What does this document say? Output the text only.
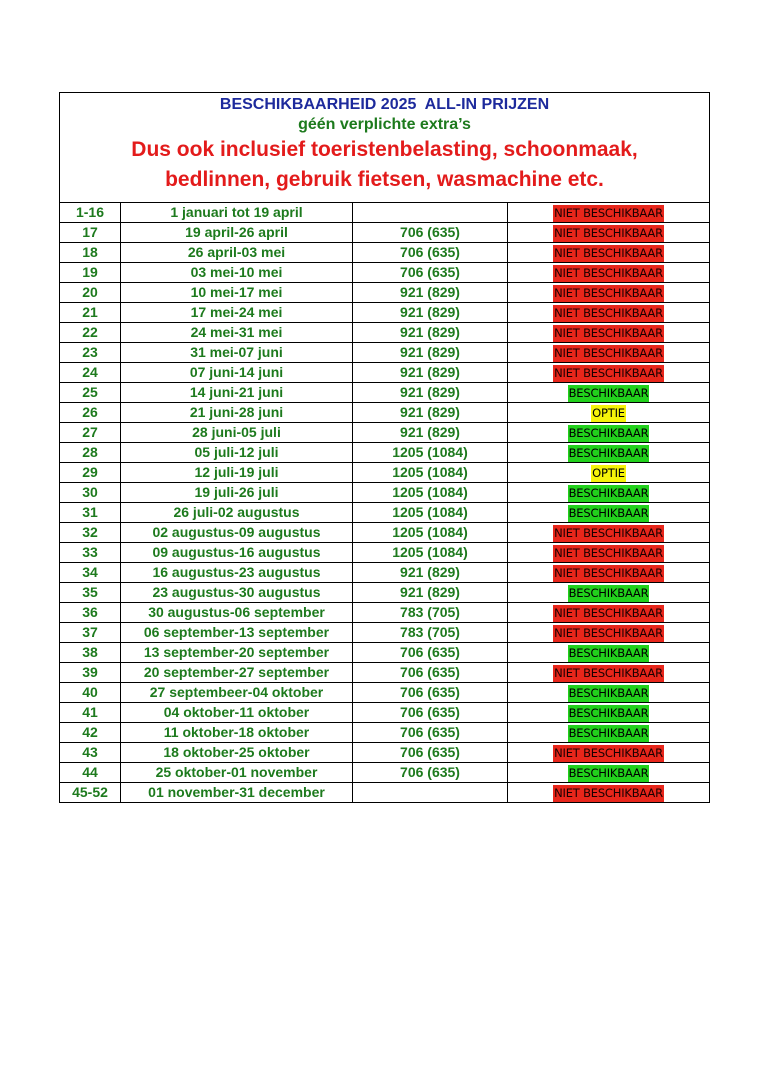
BESCHIKBAARHEID 2025  ALL-IN PRIJZEN
géén verplichte extra’s
Dus ook inclusief toeristenbelasting, schoonmaak,
bedlinnen, gebruik fietsen, wasmachine etc.			

1-16	1 januari tot 19 april		NIET BESCHIKBAAR
17	19 april-26 april	706 (635)	NIET BESCHIKBAAR
18	26 april-03 mei	706 (635)	NIET BESCHIKBAAR
19	03 mei-10 mei	706 (635)	NIET BESCHIKBAAR
20	10 mei-17 mei	921 (829)	NIET BESCHIKBAAR
21	17 mei-24 mei	921 (829)	NIET BESCHIKBAAR
22	24 mei-31 mei	921 (829)	NIET BESCHIKBAAR
23	31 mei-07 juni	921 (829)	NIET BESCHIKBAAR
24	07 juni-14 juni	921 (829)	NIET BESCHIKBAAR
25	14 juni-21 juni	921 (829)	BESCHIKBAAR
26	21 juni-28 juni	921 (829)	OPTIE
27	28 juni-05 juli	921 (829)	BESCHIKBAAR
28	05 juli-12 juli	1205 (1084)	BESCHIKBAAR
29	12 juli-19 juli	1205 (1084)	OPTIE
30	19 juli-26 juli	1205 (1084)	BESCHIKBAAR
31	26 juli-02 augustus	1205 (1084)	BESCHIKBAAR
32	02 augustus-09 augustus	1205 (1084)	NIET BESCHIKBAAR
33	09 augustus-16 augustus	1205 (1084)	NIET BESCHIKBAAR
34	16 augustus-23 augustus	921 (829)	NIET BESCHIKBAAR
35	23 augustus-30 augustus	921 (829)	BESCHIKBAAR
36	30 augustus-06 september	783 (705)	NIET BESCHIKBAAR
37	06 september-13 september	783 (705)	NIET BESCHIKBAAR
38	13 september-20 september	706 (635)	BESCHIKBAAR
39	20 september-27 september	706 (635)	NIET BESCHIKBAAR
40	27 septembeer-04 oktober	706 (635)	BESCHIKBAAR
41	04 oktober-11 oktober	706 (635)	BESCHIKBAAR
42	11 oktober-18 oktober	706 (635)	BESCHIKBAAR
43	18 oktober-25 oktober	706 (635)	NIET BESCHIKBAAR
44	25 oktober-01 november	706 (635)	BESCHIKBAAR
45-52	01 november-31 december		NIET BESCHIKBAAR
